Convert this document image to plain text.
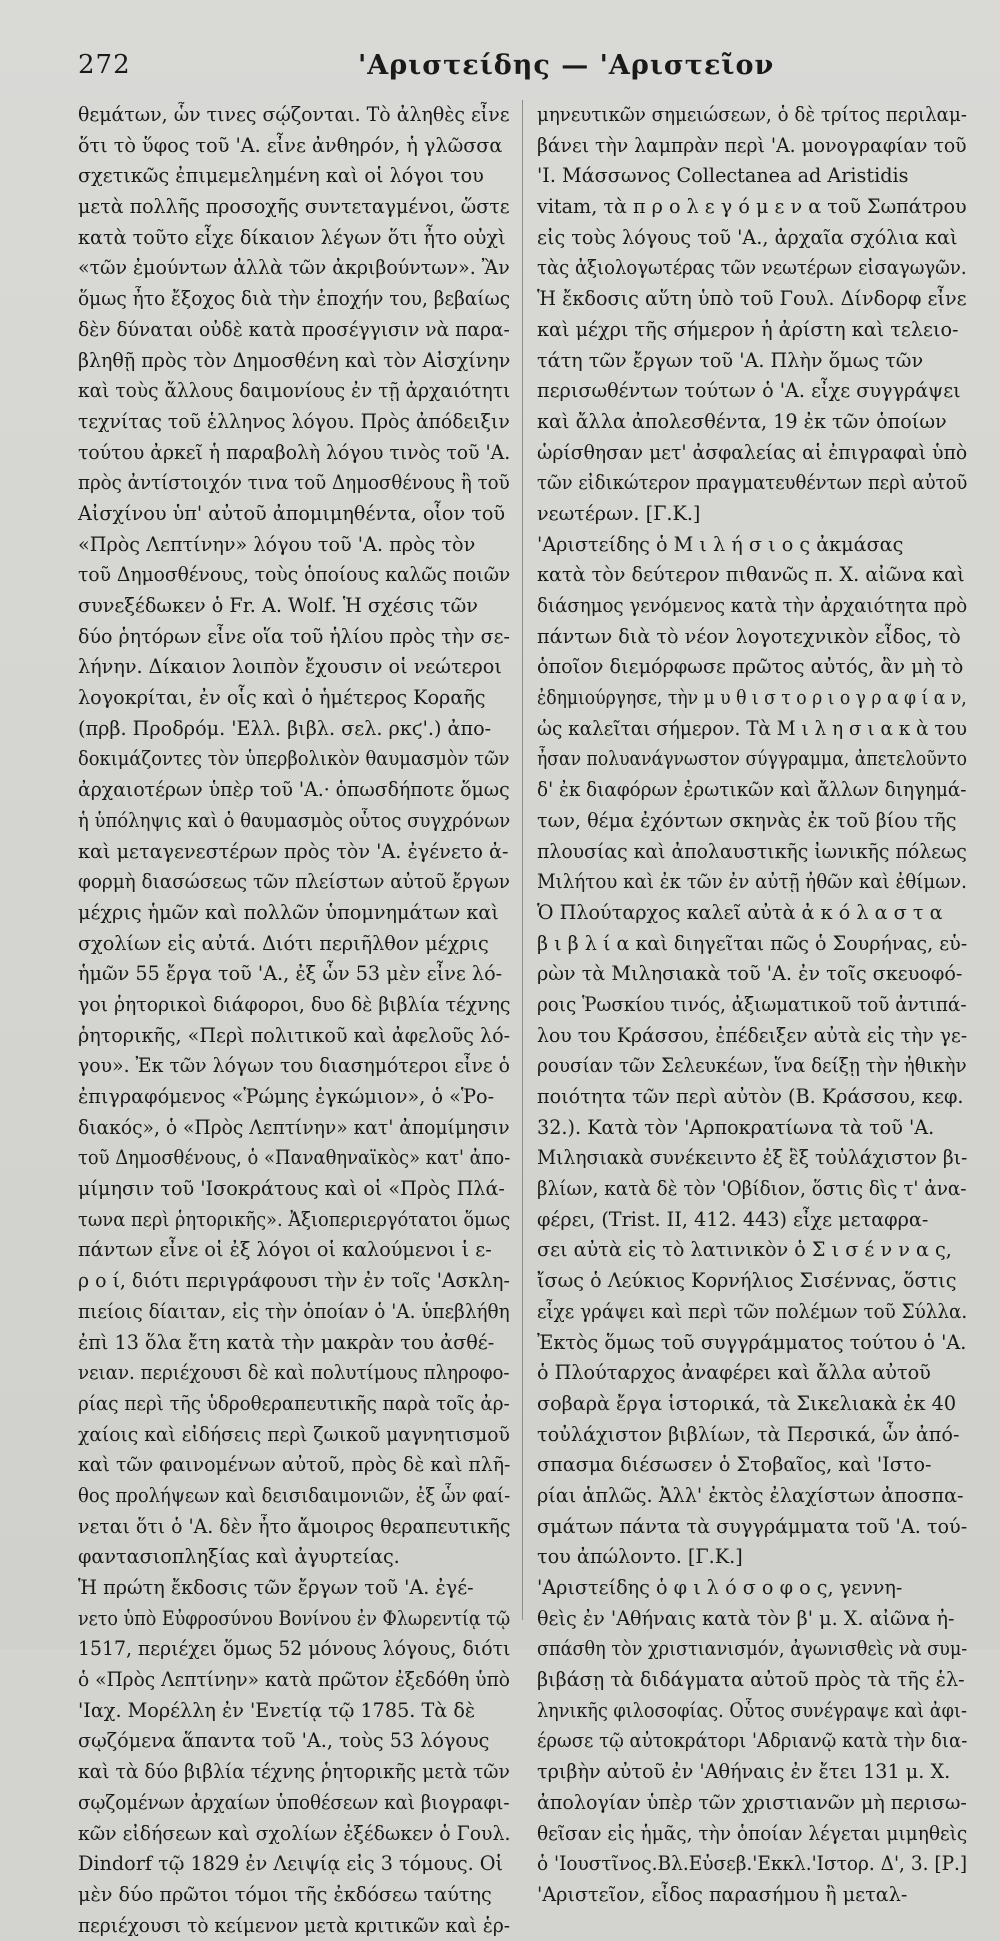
272	'Αριστείδης — 'Αριστεῖον
θεμάτων, ὧν τινες σῴζονται. Τὸ ἀληθὲς εἶνε
ὅτι τὸ ὕφος τοῦ 'Α. εἶνε ἀνθηρόν, ἡ γλῶσσα
σχετικῶς ἐπιμεμελημένη καὶ οἱ λόγοι του
μετὰ πολλῆς προσοχῆς συντεταγμένοι, ὥστε
κατὰ τοῦτο εἶχε δίκαιον λέγων ὅτι ἦτο οὐχὶ
«τῶν ἐμούντων ἀλλὰ τῶν ἀκριβούντων». Ἂν
ὅμως ἦτο ἔξοχος διὰ τὴν ἐποχήν του, βεβαίως
δὲν δύναται οὐδὲ κατὰ προσέγγισιν νὰ παρα-
βληθῇ πρὸς τὸν Δημοσθένη καὶ τὸν Αἰσχίνην
καὶ τοὺς ἄλλους δαιμονίους ἐν τῇ ἀρχαιότητι
τεχνίτας τοῦ ἑλληνος λόγου. Πρὸς ἀπόδειξιν
τούτου ἀρκεῖ ἡ παραβολὴ λόγου τινὸς τοῦ 'Α.
πρὸς ἀντίστοιχόν τινα τοῦ Δημοσθένους ἢ τοῦ
Αἰσχίνου ὑπ' αὐτοῦ ἀπομιμηθέντα, οἷον τοῦ
«Πρὸς Λεπτίνην» λόγου τοῦ 'Α. πρὸς τὸν
τοῦ Δημοσθένους, τοὺς ὁποίους καλῶς ποιῶν
συνεξέδωκεν ὁ Fr. A. Wolf. Ἡ σχέσις τῶν
δύο ῥητόρων εἶνε οἵα τοῦ ἡλίου πρὸς τὴν σε-
λήνην. Δίκαιον λοιπὸν ἔχουσιν οἱ νεώτεροι
λογοκρίται, ἐν οἷς καὶ ὁ ἡμέτερος Κοραῆς
(πρβ. Προδρόμ. 'Ελλ. βιβλ. σελ. ρκϛ'.) ἀπο-
δοκιμάζοντες τὸν ὑπερβολικὸν θαυμασμὸν τῶν
ἀρχαιοτέρων ὑπὲρ τοῦ 'Α.· ὁπωσδήποτε ὅμως
ἡ ὑπόληψις καὶ ὁ θαυμασμὸς οὗτος συγχρόνων
καὶ μεταγενεστέρων πρὸς τὸν 'Α. ἐγένετο ἀ-
φορμὴ διασώσεως τῶν πλείστων αὐτοῦ ἔργων
μέχρις ἡμῶν καὶ πολλῶν ὑπομνημάτων καὶ
σχολίων εἰς αὐτά. Διότι περιῆλθον μέχρις
ἡμῶν 55 ἔργα τοῦ 'Α., ἐξ ὧν 53 μὲν εἶνε λό-
γοι ῥητορικοὶ διάφοροι, δυο δὲ βιβλία τέχνης
ῥητορικῆς, «Περὶ πολιτικοῦ καὶ ἀφελοῦς λό-
γου». Ἐκ τῶν λόγων του διασημότεροι εἶνε ὁ
ἐπιγραφόμενος «Ῥώμης ἐγκώμιον», ὁ «Ῥο-
διακός», ὁ «Πρὸς Λεπτίνην» κατ' ἀπομίμησιν
τοῦ Δημοσθένους, ὁ «Παναθηναϊκὸς» κατ' ἀπο-
μίμησιν τοῦ 'Ισοκράτους καὶ οἱ «Πρὸς Πλά-
τωνα περὶ ῥητορικῆς». Ἀξιοπεριεργότατοι ὅμως
πάντων εἶνε οἱ ἐξ λόγοι οἱ καλούμενοι ἱ ε-
ρ ο ί, διότι περιγράφουσι τὴν ἐν τοῖς 'Ασκλη-
πιείοις δίαιταν, εἰς τὴν ὁποίαν ὁ 'Α. ὑπεβλήθη
ἐπὶ 13 ὅλα ἔτη κατὰ τὴν μακρὰν του ἀσθέ-
νειαν. περιέχουσι δὲ καὶ πολυτίμους πληροφο-
ρίας περὶ τῆς ὑδροθεραπευτικῆς παρὰ τοῖς ἀρ-
χαίοις καὶ εἰδήσεις περὶ ζωικοῦ μαγνητισμοῦ
καὶ τῶν φαινομένων αὐτοῦ, πρὸς δὲ καὶ πλῆ-
θος προλήψεων καὶ δεισιδαιμονιῶν, ἐξ ὧν φαί-
νεται ὅτι ὁ 'Α. δὲν ἦτο ἄμοιρος θεραπευτικῆς
φαντασιοπληξίας καὶ ἀγυρτείας.
Ἡ πρώτη ἔκδοσις τῶν ἔργων τοῦ 'Α. ἐγέ-
νετο ὑπὸ Εὐφροσύνου Βονίνου ἐν Φλωρεντίᾳ τῷ
1517, περιέχει ὅμως 52 μόνους λόγους, διότι
ὁ «Πρὸς Λεπτίνην» κατὰ πρῶτον ἐξεδόθη ὑπὸ
'Ιαχ. Μορέλλη ἐν 'Ενετίᾳ τῷ 1785. Τὰ δὲ
σῳζόμενα ἅπαντα τοῦ 'Α., τοὺς 53 λόγους
καὶ τὰ δύο βιβλία τέχνης ῥητορικῆς μετὰ τῶν
σῳζομένων ἀρχαίων ὑποθέσεων καὶ βιογραφι-
κῶν εἰδήσεων καὶ σχολίων ἐξέδωκεν ὁ Γουλ.
Dindorf τῷ 1829 ἐν Λειψίᾳ εἰς 3 τόμους. Οἱ
μὲν δύο πρῶτοι τόμοι τῆς ἐκδόσεω ταύτης
περιέχουσι τὸ κείμενον μετὰ κριτικῶν καὶ ἑρ-
μηνευτικῶν σημειώσεων, ὁ δὲ τρίτος περιλαμ-
βάνει τὴν λαμπρὰν περὶ 'Α. μονογραφίαν τοῦ
'Ι. Μάσσωνος Collectanea ad Aristidis
vitam, τὰ π ρ ο λ ε γ ό μ ε ν α τοῦ Σωπάτρου
εἰς τοὺς λόγους τοῦ 'Α., ἀρχαῖα σχόλια καὶ
τὰς ἀξιολογωτέρας τῶν νεωτέρων εἰσαγωγῶν.
Ἡ ἔκδοσις αὕτη ὑπὸ τοῦ Γουλ. Δίνδορφ εἶνε
καὶ μέχρι τῆς σήμερον ἡ ἀρίστη καὶ τελειο-
τάτη τῶν ἔργων τοῦ 'Α. Πλὴν ὅμως τῶν
περισωθέντων τούτων ὁ 'Α. εἶχε συγγράψει
καὶ ἄλλα ἀπολεσθέντα, 19 ἐκ τῶν ὁποίων
ὡρίσθησαν μετ' ἀσφαλείας αἱ ἐπιγραφαὶ ὑπὸ
τῶν εἰδικώτερον πραγματευθέντων περὶ αὐτοῦ
νεωτέρων. [Γ.Κ.]
'Αριστείδης ὁ Μ ι λ ή σ ι ο ς ἀκμάσας
κατὰ τὸν δεύτερον πιθανῶς π. Χ. αἰῶνα καὶ
διάσημος γενόμενος κατὰ τὴν ἀρχαιότητα πρὸ
πάντων διὰ τὸ νέον λογοτεχνικὸν εἶδος, τὸ
ὁποῖον διεμόρφωσε πρῶτος αὐτός, ἂν μὴ τὸ
ἐδημιούργησε, τὴν μ υ θ ι σ τ ο ρ ι ο γ ρ α φ ί α ν,
ὡς καλεῖται σήμερον. Τὰ Μ ι λ η σ ι α κ ὰ του
ἦσαν πολυανάγνωστον σύγγραμμα, ἀπετελοῦντο
δ' ἐκ διαφόρων ἐρωτικῶν καὶ ἄλλων διηγημά-
των, θέμα ἐχόντων σκηνὰς ἐκ τοῦ βίου τῆς
πλουσίας καὶ ἀπολαυστικῆς ἰωνικῆς πόλεως
Μιλήτου καὶ ἐκ τῶν ἐν αὐτῇ ἠθῶν καὶ ἐθίμων.
Ὁ Πλούταρχος καλεῖ αὐτὰ ἀ κ ό λ α σ τ α
β ι β λ ί α καὶ διηγεῖται πῶς ὁ Σουρήνας, εὑ-
ρὼν τὰ Μιλησιακὰ τοῦ 'Α. ἐν τοῖς σκευοφό-
ροις Ῥωσκίου τινός, ἀξιωματικοῦ τοῦ ἀντιπά-
λου του Κράσσου, ἐπέδειξεν αὐτὰ εἰς τὴν γε-
ρουσίαν τῶν Σελευκέων, ἵνα δείξῃ τὴν ἠθικὴν
ποιότητα τῶν περὶ αὐτὸν (Β. Κράσσου, κεφ.
32.). Κατὰ τὸν 'Αρποκρατίωνα τὰ τοῦ 'Α.
Μιλησιακὰ συνέκειντο ἐξ ἓξ τοὐλάχιστον βι-
βλίων, κατὰ δὲ τὸν 'Οβίδιον, ὅστις δὶς τ' ἀνα-
φέρει, (Trist. II, 412. 443) εἶχε μεταφρα-
σει αὐτὰ εἰς τὸ λατινικὸν ὁ Σ ι σ έ ν ν α ς,
ἴσως ὁ Λεύκιος Κορνήλιος Σισέννας, ὅστις
εἶχε γράψει καὶ περὶ τῶν πολέμων τοῦ Σύλλα.
Ἐκτὸς ὅμως τοῦ συγγράμματος τούτου ὁ 'Α.
ὁ Πλούταρχος ἀναφέρει καὶ ἄλλα αὐτοῦ
σοβαρὰ ἔργα ἱστορικά, τὰ Σικελιακὰ ἐκ 40
τοὐλάχιστον βιβλίων, τὰ Περσικά, ὧν ἀπό-
σπασμα διέσωσεν ὁ Στοβαῖος, καὶ 'Ιστο-
ρίαι ἁπλῶς. Ἀλλ' ἐκτὸς ἐλαχίστων ἀποσπα-
σμάτων πάντα τὰ συγγράμματα τοῦ 'Α. τού-
του ἀπώλοντο. [Γ.Κ.]
'Αριστείδης ὁ φ ι λ ό σ ο φ ο ς, γεννη-
θεὶς ἐν 'Αθήναις κατὰ τὸν β' μ. Χ. αἰῶνα ἠ-
σπάσθη τὸν χριστιανισμόν, ἀγωνισθεὶς νὰ συμ-
βιβάσῃ τὰ διδάγματα αὐτοῦ πρὸς τὰ τῆς ἑλ-
ληνικῆς φιλοσοφίας. Οὗτος συνέγραψε καὶ ἀφι-
έρωσε τῷ αὐτοκράτορι 'Αδριανῷ κατὰ τὴν δια-
τριβὴν αὐτοῦ ἐν 'Αθήναις ἐν ἔτει 131 μ. Χ.
ἀπολογίαν ὑπὲρ τῶν χριστιανῶν μὴ περισω-
θεῖσαν εἰς ἡμᾶς, τὴν ὁποίαν λέγεται μιμηθεὶς
ὁ 'Ιουστῖνος.Βλ.Εὐσεβ.'Εκκλ.'Ιστορ. Δ', 3. [Ρ.]
'Αριστεῖον, εἶδος παρασήμου ἢ μεταλ-
